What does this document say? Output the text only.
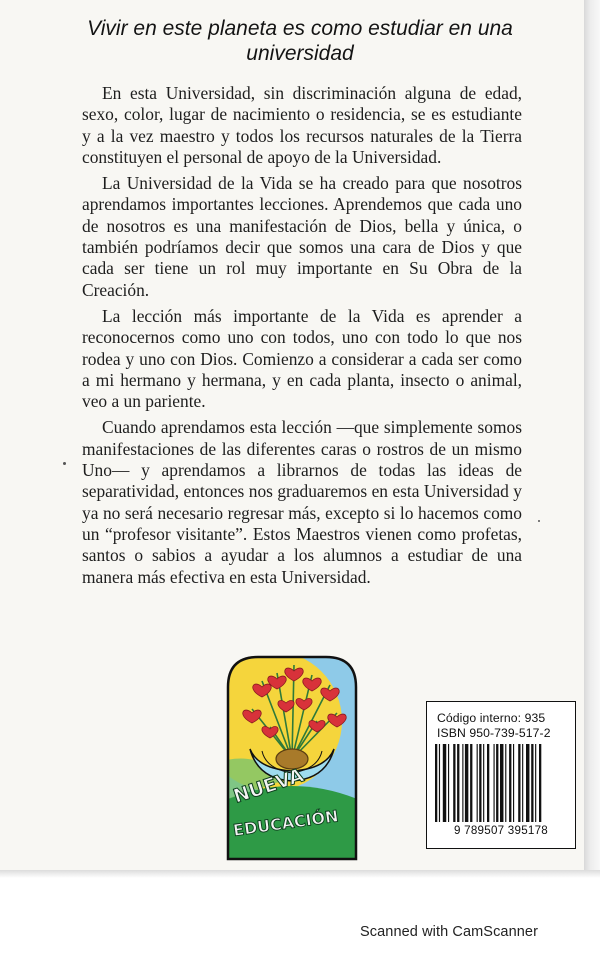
Vivir en este planeta es como estudiar en una universidad

En esta Universidad, sin discriminación alguna de edad, sexo, color, lugar de nacimiento o residencia, se es estudiante y a la vez maestro y todos los recursos naturales de la Tierra constituyen el personal de apoyo de la Universidad.

La Universidad de la Vida se ha creado para que nosotros aprendamos importantes lecciones. Aprendemos que cada uno de nosotros es una manifestación de Dios, bella y única, o también podríamos decir que somos una cara de Dios y que cada ser tiene un rol muy importante en Su Obra de la Creación.

La lección más importante de la Vida es aprender a reconocernos como uno con todos, uno con todo lo que nos rodea y uno con Dios. Comienzo a considerar a cada ser como a mi hermano y hermana, y en cada planta, insecto o animal, veo a un pariente.

Cuando aprendamos esta lección —que simplemente somos manifestaciones de las diferentes caras o rostros de un mismo Uno— y aprendamos a librarnos de todas las ideas de separatividad, entonces nos graduaremos en esta Universidad y ya no será necesario regresar más, excepto si lo hacemos como un “profesor visitante”. Estos Maestros vienen como profetas, santos o sabios a ayudar a los alumnos a estudiar de una manera más efectiva en esta Universidad.

NUEVA
EDUCACIÓN
Código interno: 935
ISBN 950-739-517-2
9 789507 395178
Scanned with CamScanner
